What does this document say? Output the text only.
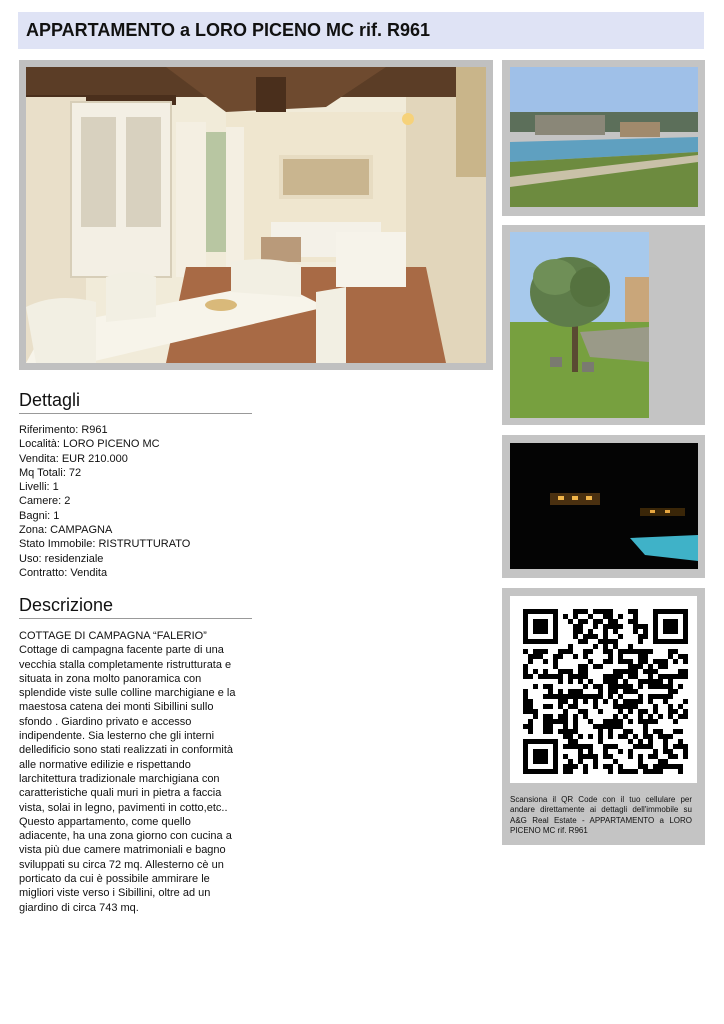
APPARTAMENTO a LORO PICENO MC rif. R961
Dettagli
Riferimento: R961
Località: LORO PICENO MC
Vendita: EUR 210.000
Mq Totali: 72
Livelli: 1
Camere: 2
Bagni: 1
Zona: CAMPAGNA
Stato Immobile: RISTRUTTURATO
Uso: residenziale
Contratto: Vendita
Descrizione

COTTAGE DI CAMPAGNA “FALERIO”

Cottage di campagna facente parte di una

vecchia stalla completamente ristrutturata e

situata in zona molto panoramica con

splendide viste sulle colline marchigiane e la

maestosa catena dei monti Sibillini sullo

sfondo . Giardino privato e accesso

indipendente. Sia lesterno che gli interni

delledificio sono stati realizzati in conformità

alle normative edilizie e rispettando

larchitettura tradizionale marchigiana con

caratteristiche quali muri in pietra a faccia

vista, solai in legno, pavimenti in cotto,etc..

Questo appartamento, come quello

adiacente, ha una zona giorno con cucina a

vista più due camere matrimoniali e bagno

sviluppati su circa 72 mq. Allesterno cè un

porticato da cui è possibile ammirare le

migliori viste verso i Sibillini, oltre ad un

giardino di circa 743 mq.

Scansiona il QR Code con il tuo cellulare per andare direttamente ai dettagli dell'immobile su A&G Real Estate - APPARTAMENTO a LORO PICENO MC rif. R961
